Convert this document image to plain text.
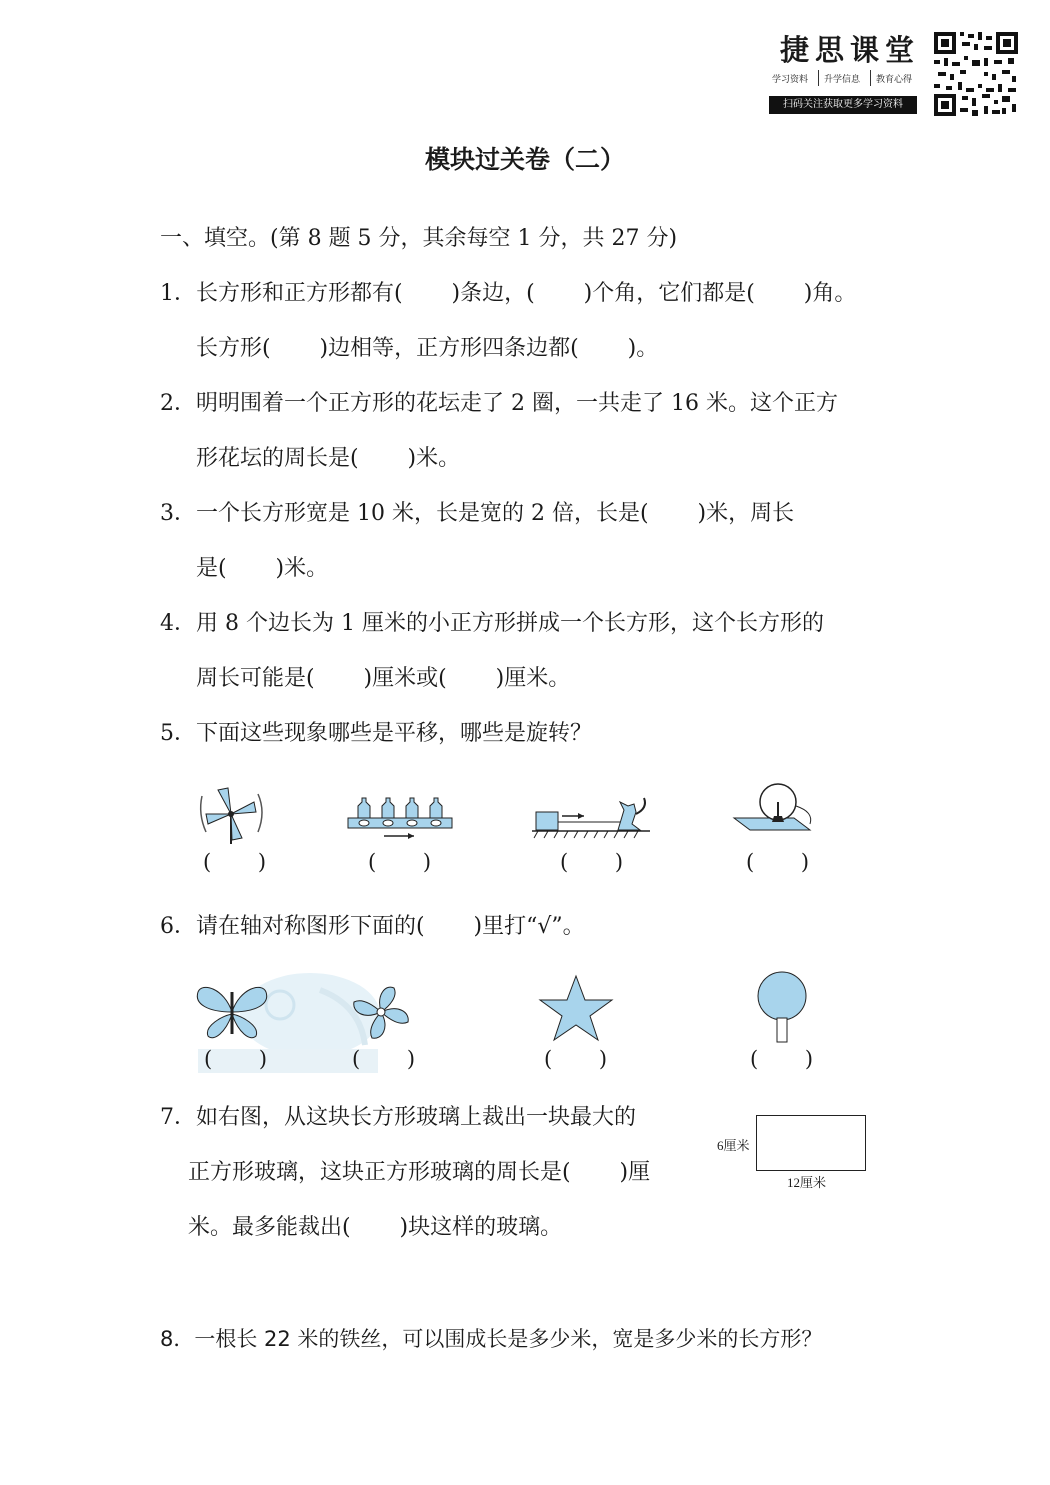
捷思课堂
学习资料 升学信息 教育心得
扫码关注获取更多学习资料
模块过关卷（二）
一、填空。(第 8 题 5 分，其余每空 1 分，共 27 分)
1．长方形和正方形都有(       )条边，(       )个角，它们都是(       )角。
长方形(       )边相等，正方形四条边都(       )。
2．明明围着一个正方形的花坛走了 2 圈，一共走了 16 米。这个正方
形花坛的周长是(       )米。
3．一个长方形宽是 10 米，长是宽的 2 倍，长是(       )米，周长
是(       )米。
4．用 8 个边长为 1 厘米的小正方形拼成一个长方形，这个长方形的
周长可能是(       )厘米或(       )厘米。
5．下面这些现象哪些是平移，哪些是旋转？
(       )	(       )	(       )	(       )
6．请在轴对称图形下面的(       )里打“√”。
(       )	(       )	(       )	(       )
7．如右图，从这块长方形玻璃上裁出一块最大的
正方形玻璃，这块正方形玻璃的周长是(       )厘
米。最多能裁出(       )块这样的玻璃。
6厘米
12厘米
8．一根长 22 米的铁丝，可以围成长是多少米，宽是多少米的长方形？
